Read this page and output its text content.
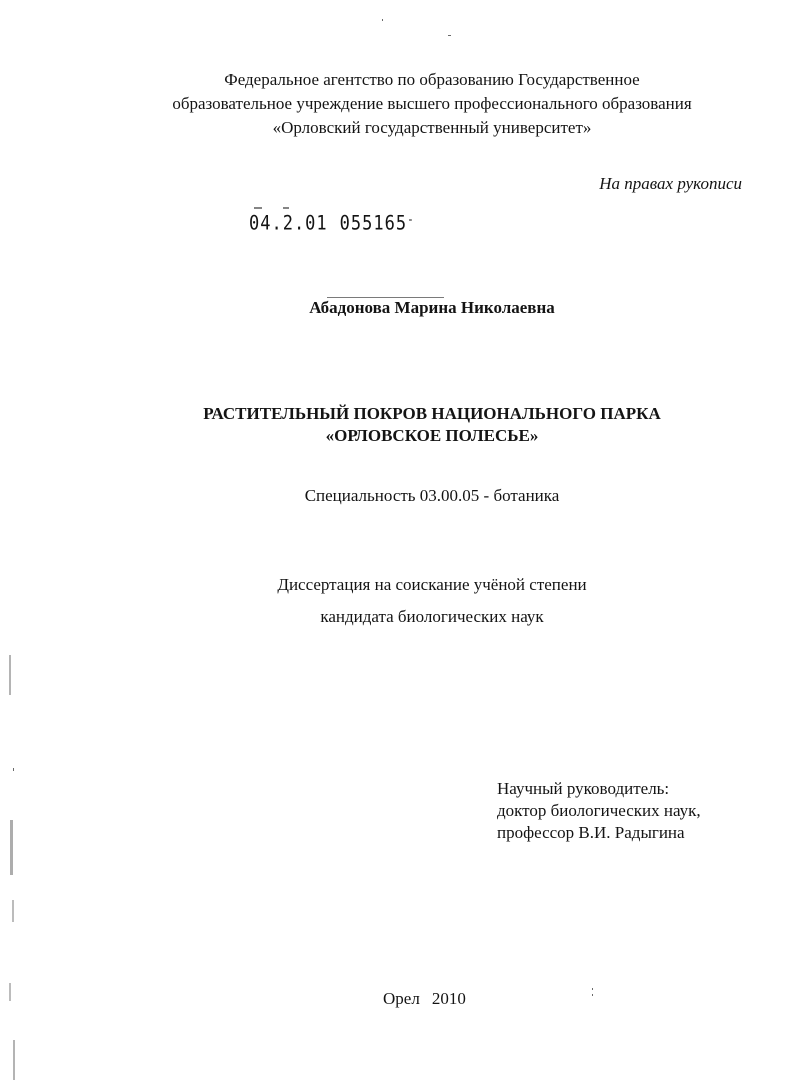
Федеральное агентство по образованию Государственное
образовательное учреждение высшего профессионального образования
«Орловский государственный университет»
На правах рукописи
04.2.01 055165-
Абадонова Марина Николаевна
РАСТИТЕЛЬНЫЙ ПОКРОВ НАЦИОНАЛЬНОГО ПАРКА
«ОРЛОВСКОЕ ПОЛЕСЬЕ»
Специальность 03.00.05 - ботаника
Диссертация на соискание учёной степени
кандидата биологических наук
Научный руководитель:
доктор биологических наук,
профессор В.И. Радыгина
Орел 2010
